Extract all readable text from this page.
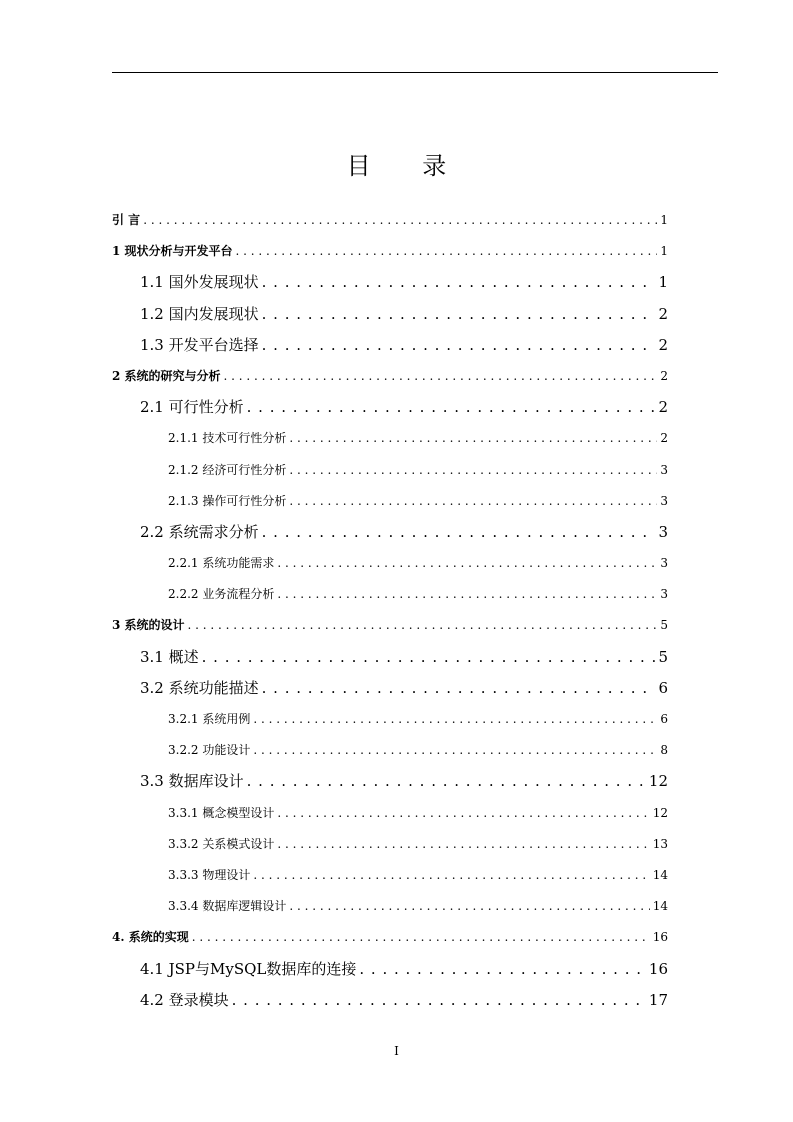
目 录
引 言 . . .	1
1 现状分析与开发平台 . . .	1
1.1 国外发展现状 . . .	1
1.2 国内发展现状 . . .	2
1.3 开发平台选择 . . .	2
2 系统的研究与分析 . . .	2
2.1 可行性分析 . . .	2
2.1.1 技术可行性分析 . . .	2
2.1.2 经济可行性分析 . . .	3
2.1.3 操作可行性分析 . . .	3
2.2 系统需求分析 . . .	3
2.2.1 系统功能需求 . . .	3
2.2.2 业务流程分析 . . .	3
3 系统的设计 . . .	5
3.1 概述 . . .	5
3.2 系统功能描述 . . .	6
3.2.1 系统用例 . . .	6
3.2.2 功能设计 . . .	8
3.3 数据库设计 . . .	12
3.3.1 概念模型设计 . . .	12
3.3.2 关系模式设计 . . .	13
3.3.3 物理设计 . . .	14
3.3.4 数据库逻辑设计 . . .	14
4. 系统的实现 . . .	16
4.1 JSP与MySQL数据库的连接 . . .	16
4.2 登录模块 . . .	17
I
